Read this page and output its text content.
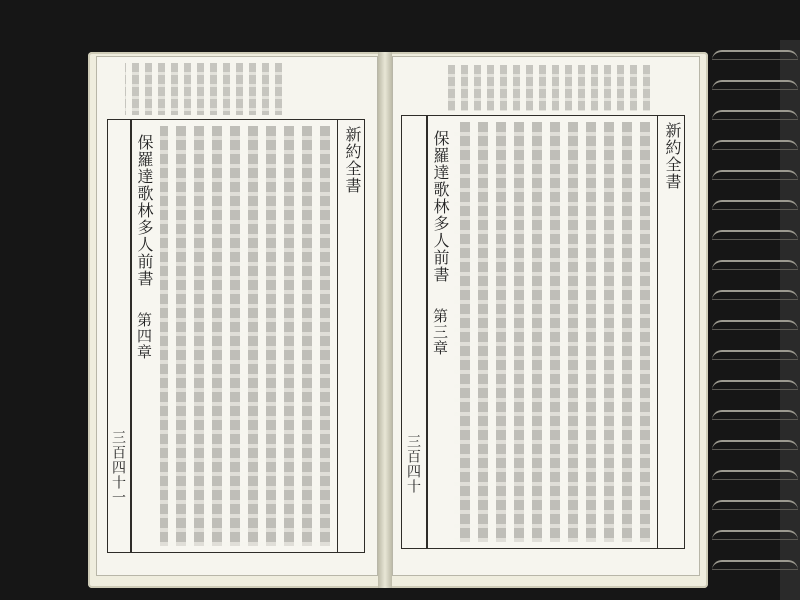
新約全書
保羅達歌林多人前書
第四章
三百四十一
新約全書
保羅達歌林多人前書
第三章
三百四十
